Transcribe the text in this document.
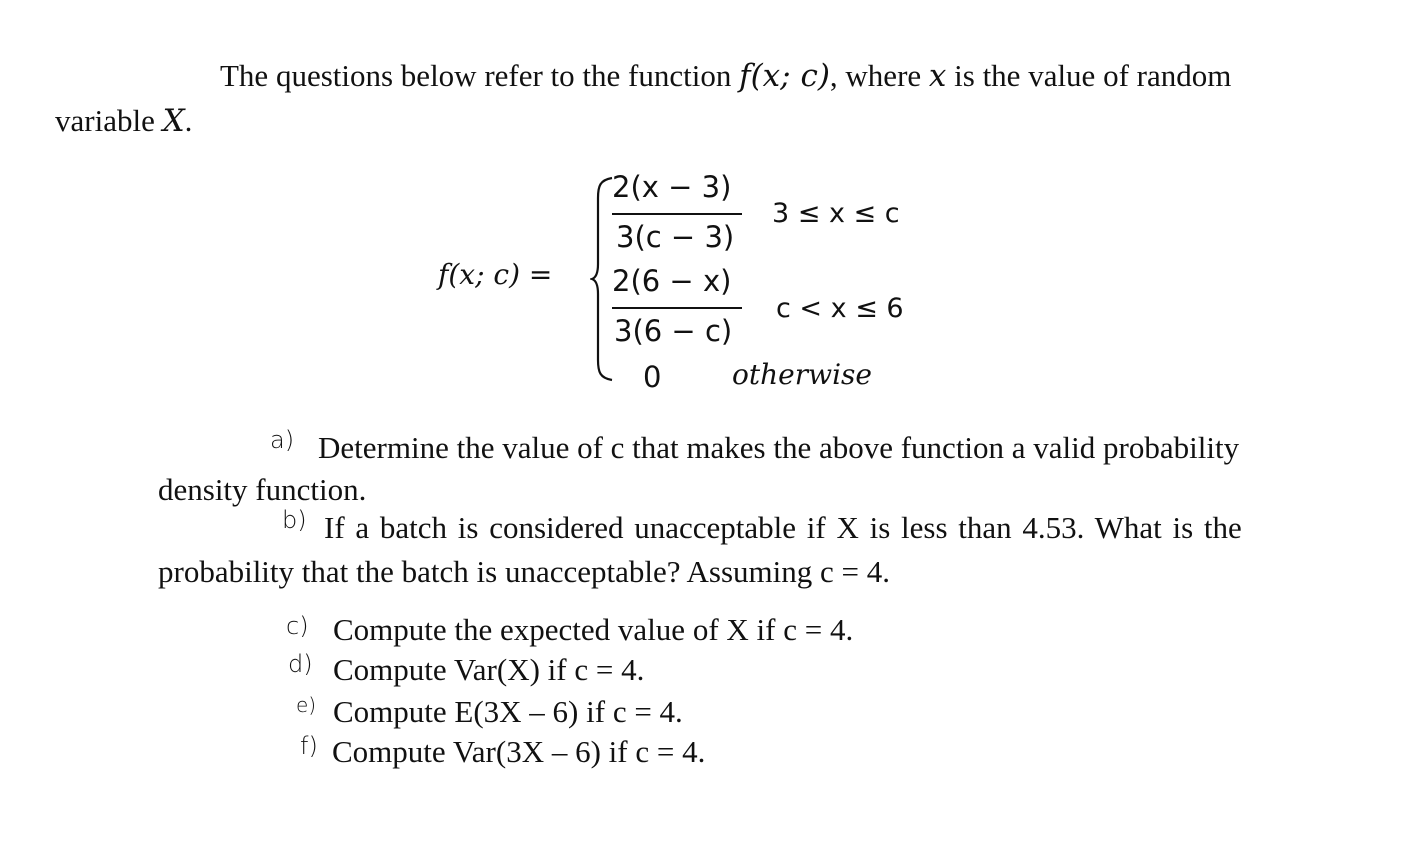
The questions below refer to the function f(x; c), where x is the value of random
variable X.
f(x; c) =
2(x − 3)
3(c − 3)
3 ≤ x ≤ c
2(6 − x)
3(6 − c)
c < x ≤ 6
0	otherwise
a) Determine the value of c that makes the above function a valid probability
density function.
b) If a batch is considered unacceptable if X is less than 4.53. What is the
probability that the batch is unacceptable? Assuming c = 4.
c) Compute the expected value of X if c = 4.
d) Compute Var(X) if c = 4.
e) Compute E(3X – 6) if c = 4.
f) Compute Var(3X – 6) if c = 4.
